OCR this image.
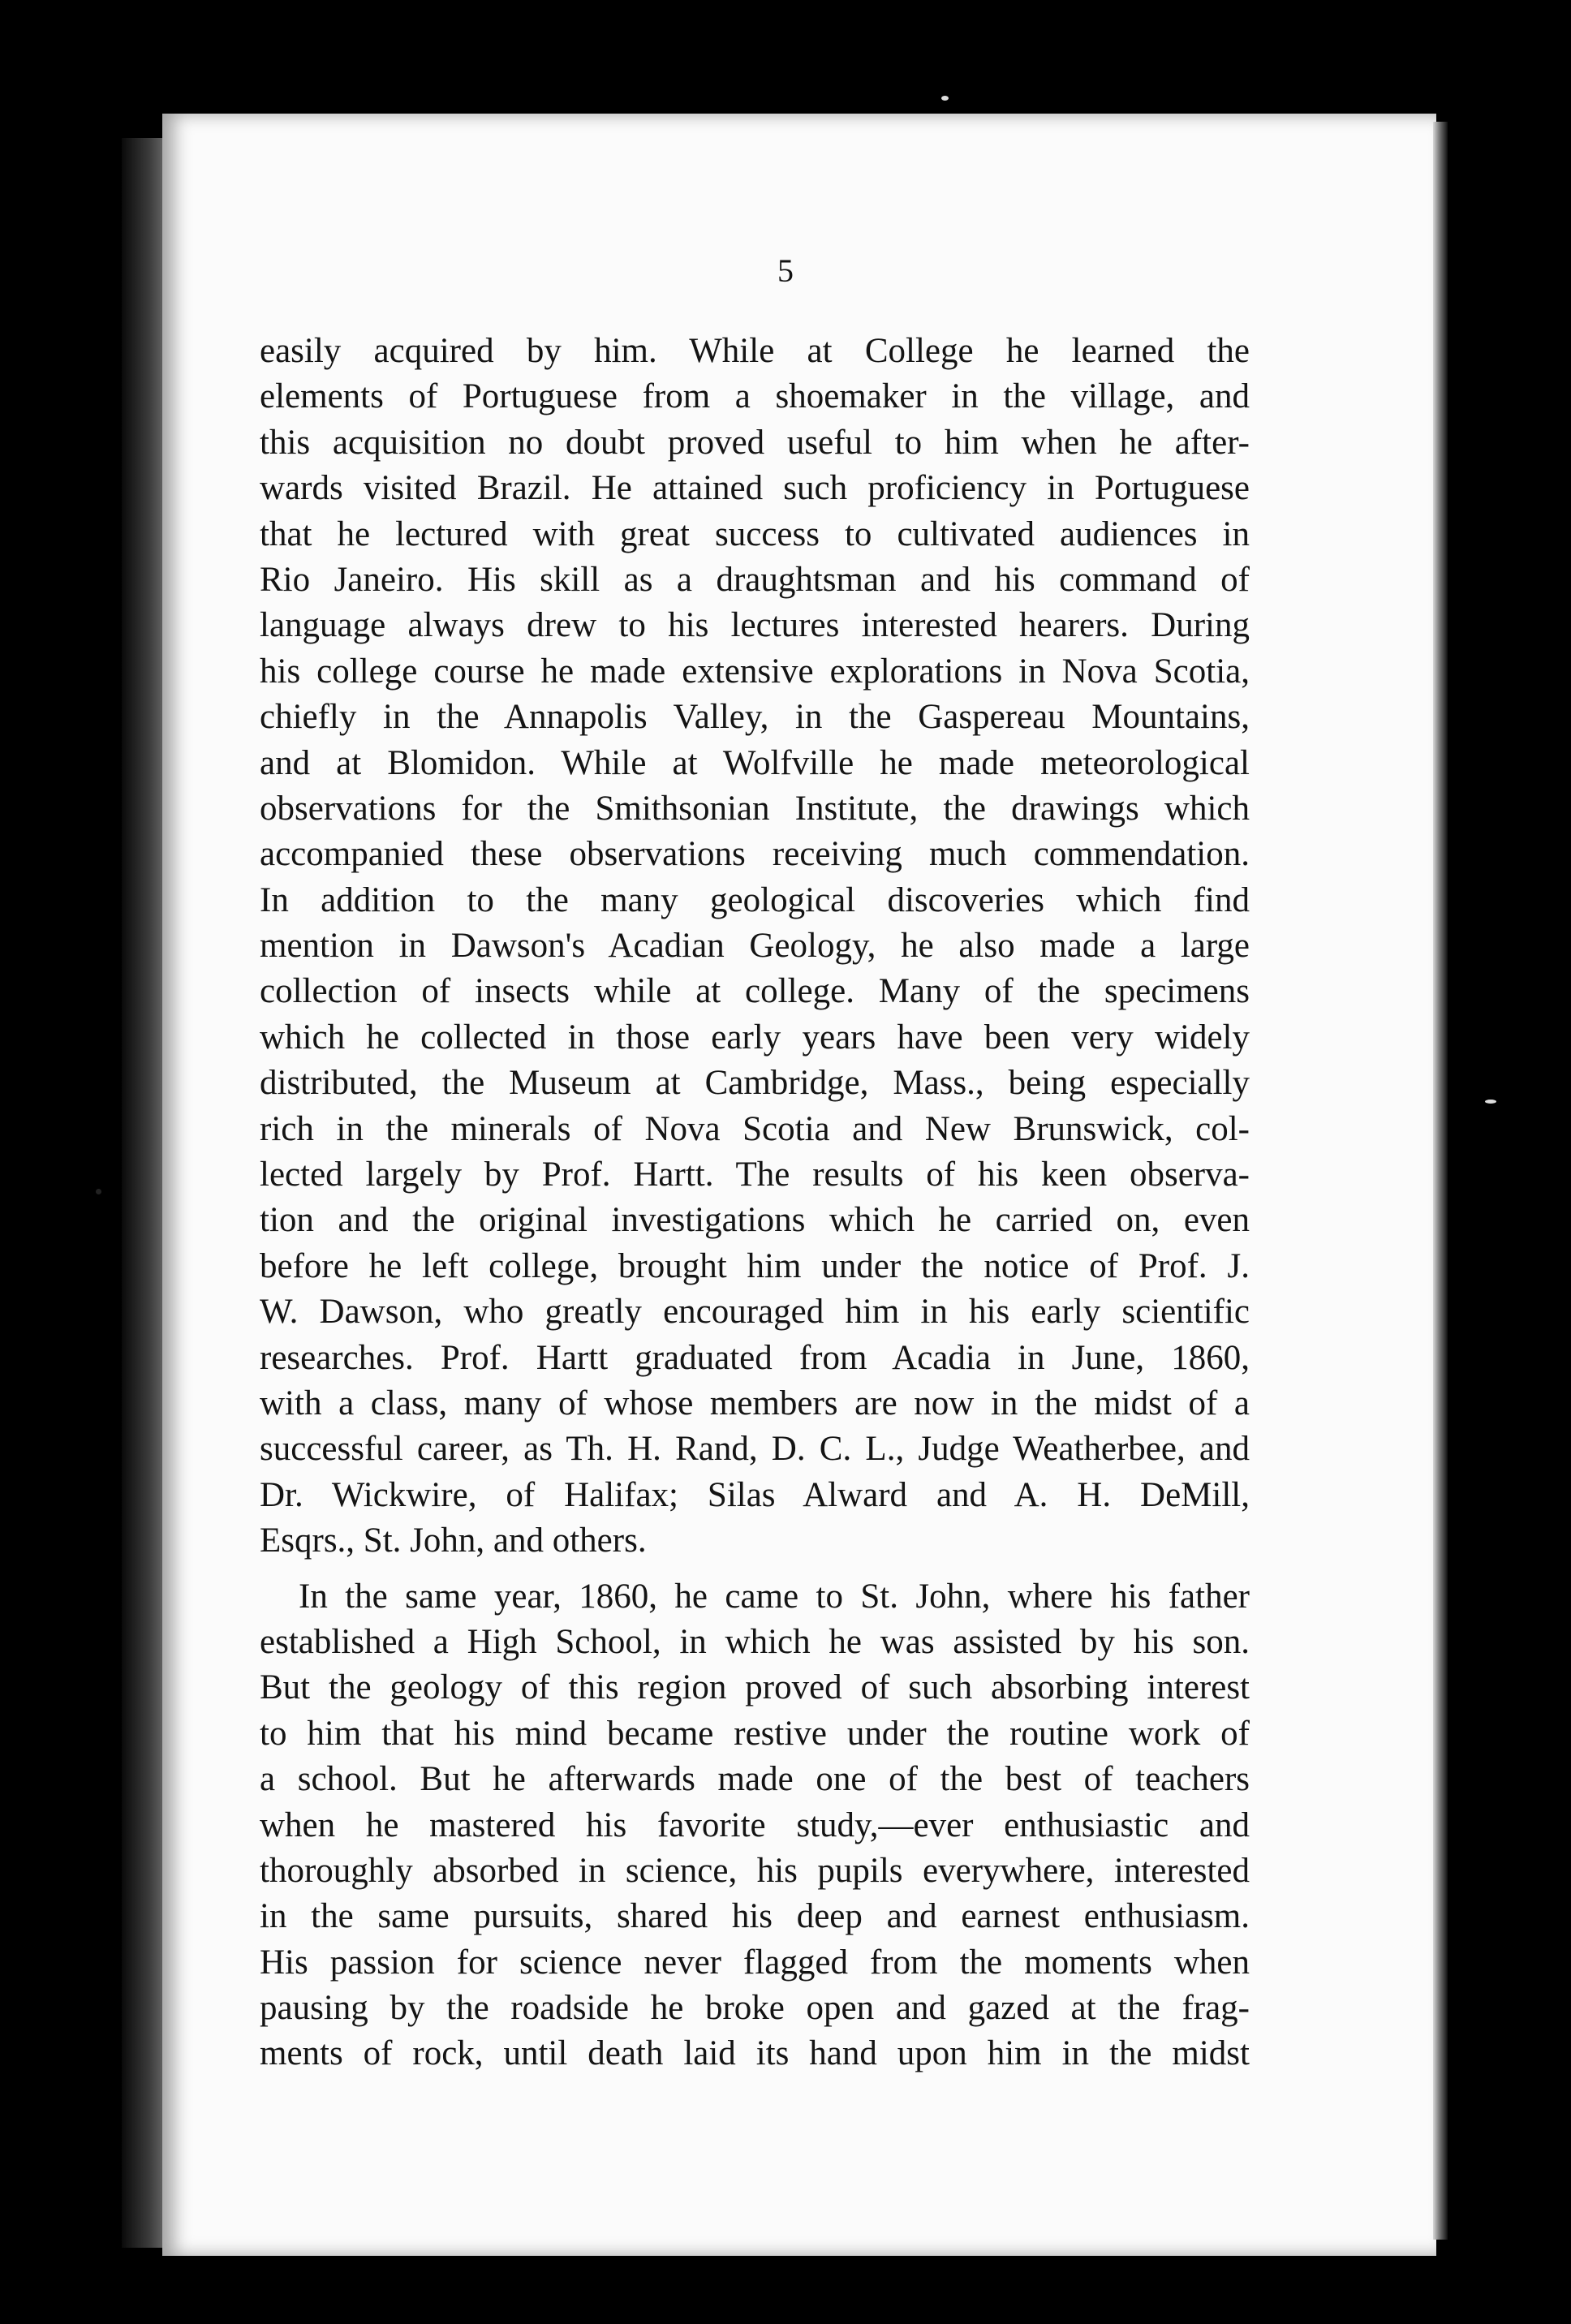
5
easily acquired by him. While at College he learned the
elements of Portuguese from a shoemaker in the village, and
this acquisition no doubt proved useful to him when he after-
wards visited Brazil. He attained such proficiency in Portuguese
that he lectured with great success to cultivated audiences in
Rio Janeiro. His skill as a draughtsman and his command of
language always drew to his lectures interested hearers. During
his college course he made extensive explorations in Nova Scotia,
chiefly in the Annapolis Valley, in the Gaspereau Mountains,
and at Blomidon. While at Wolfville he made meteorological
observations for the Smithsonian Institute, the drawings which
accompanied these observations receiving much commendation.
In addition to the many geological discoveries which find
mention in Dawson's Acadian Geology, he also made a large
collection of insects while at college. Many of the specimens
which he collected in those early years have been very widely
distributed, the Museum at Cambridge, Mass., being especially
rich in the minerals of Nova Scotia and New Brunswick, col-
lected largely by Prof. Hartt. The results of his keen observa-
tion and the original investigations which he carried on, even
before he left college, brought him under the notice of Prof. J.
W. Dawson, who greatly encouraged him in his early scientific
researches. Prof. Hartt graduated from Acadia in June, 1860,
with a class, many of whose members are now in the midst of a
successful career, as Th. H. Rand, D. C. L., Judge Weatherbee, and
Dr. Wickwire, of Halifax; Silas Alward and A. H. DeMill,
Esqrs., St. John, and others.
In the same year, 1860, he came to St. John, where his father
established a High School, in which he was assisted by his son.
But the geology of this region proved of such absorbing interest
to him that his mind became restive under the routine work of
a school. But he afterwards made one of the best of teachers
when he mastered his favorite study,—ever enthusiastic and
thoroughly absorbed in science, his pupils everywhere, interested
in the same pursuits, shared his deep and earnest enthusiasm.
His passion for science never flagged from the moments when
pausing by the roadside he broke open and gazed at the frag-
ments of rock, until death laid its hand upon him in the midst
